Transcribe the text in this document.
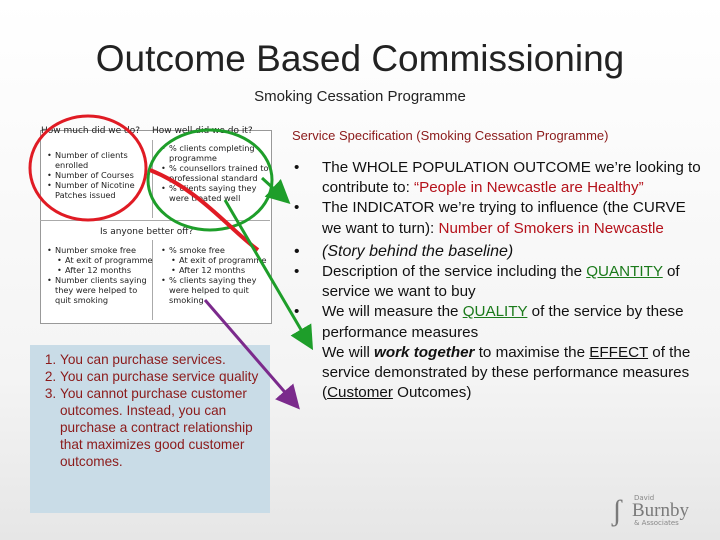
Outcome Based Commissioning
Smoking Cessation Programme
How much did we do? How well did we do it?
• Number of clients enrolled
• Number of Courses
• Number of Nicotine Patches issued
• % clients completing programme
• % counsellors trained to professional standard
• % clients saying they were treated well
Is anyone better off?
• Number smoke free
• At exit of programme
• After 12 months
• Number clients saying they were helped to quit smoking
• % smoke free
• At exit of programme
• After 12 months
• % clients saying they were helped to quit smoking
1. You can purchase services.
2. You can purchase service quality
3. You cannot purchase customer outcomes. Instead, you can purchase a contract relationship that maximizes good customer outcomes.
Service Specification (Smoking Cessation Programme)
• The WHOLE POPULATION OUTCOME we’re looking to contribute to: “People in Newcastle are Healthy”
• The INDICATOR we’re trying to influence (the CURVE we want to turn): Number of Smokers in Newcastle
• (Story behind the baseline)
• Description of the service including the QUANTITY of service we want to buy
• We will measure the QUALITY of the service by these performance measures
We will work together to maximise the EFFECT of the service demonstrated by these performance measures (Customer Outcomes)
ʃ David
Burnby
& Associates
